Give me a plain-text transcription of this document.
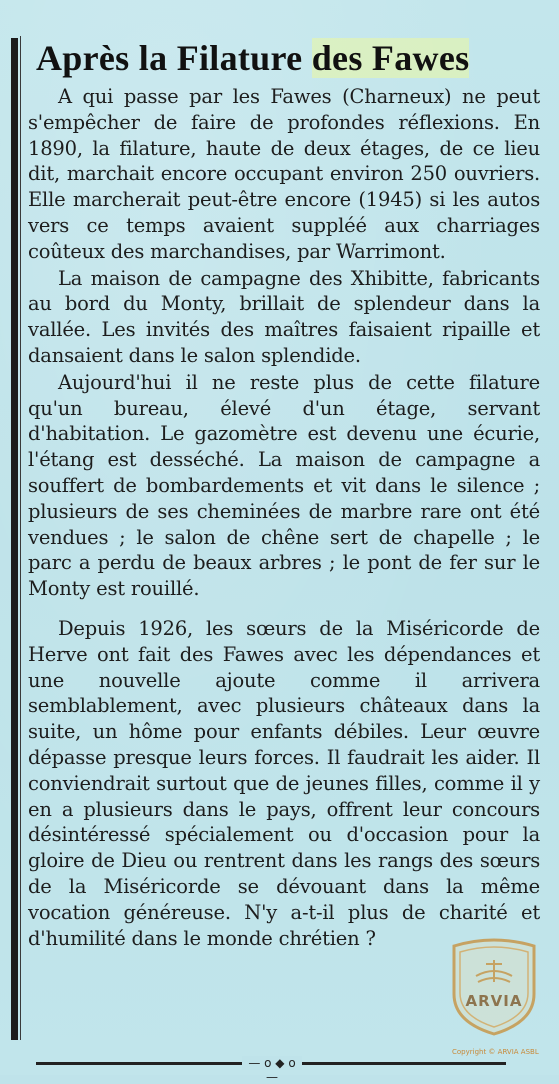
Après la Filature des Fawes

A qui passe par les Fawes (Charneux) ne peut s'empêcher de faire de profondes réflexions. En 1890, la filature, haute de deux étages, de ce lieu dit, marchait encore occupant environ 250 ouvriers. Elle marcherait peut-être encore (1945) si les autos vers ce temps avaient suppléé aux charriages coûteux des marchandises, par Warrimont.

La maison de campagne des Xhibitte, fabricants au bord du Monty, brillait de splendeur dans la vallée. Les invités des maîtres faisaient ripaille et dansaient dans le salon splendide.

Aujourd'hui il ne reste plus de cette filature qu'un bureau, élevé d'un étage, servant d'habitation. Le gazomètre est devenu une écurie, l'étang est desséché. La maison de campagne a souffert de bombardements et vit dans le silence ; plusieurs de ses cheminées de marbre rare ont été vendues ; le salon de chêne sert de chapelle ; le parc a perdu de beaux arbres ; le pont de fer sur le Monty est rouillé.

Depuis 1926, les sœurs de la Miséricorde de Herve ont fait des Fawes avec les dépendances et une nouvelle ajoute comme il arrivera semblablement, avec plusieurs châteaux dans la suite, un hôme pour enfants débiles. Leur œuvre dépasse presque leurs forces. Il faudrait les aider. Il conviendrait surtout que de jeunes filles, comme il y en a plusieurs dans le pays, offrent leur concours désintéressé spécialement ou d'occasion pour la gloire de Dieu ou rentrent dans les rangs des sœurs de la Miséricorde se dévouant dans la même vocation généreuse. N'y a-t-il plus de charité et d'humilité dans le monde chrétien ?

— o ◆ o —
ARVIA
Copyright © ARVIA ASBL
